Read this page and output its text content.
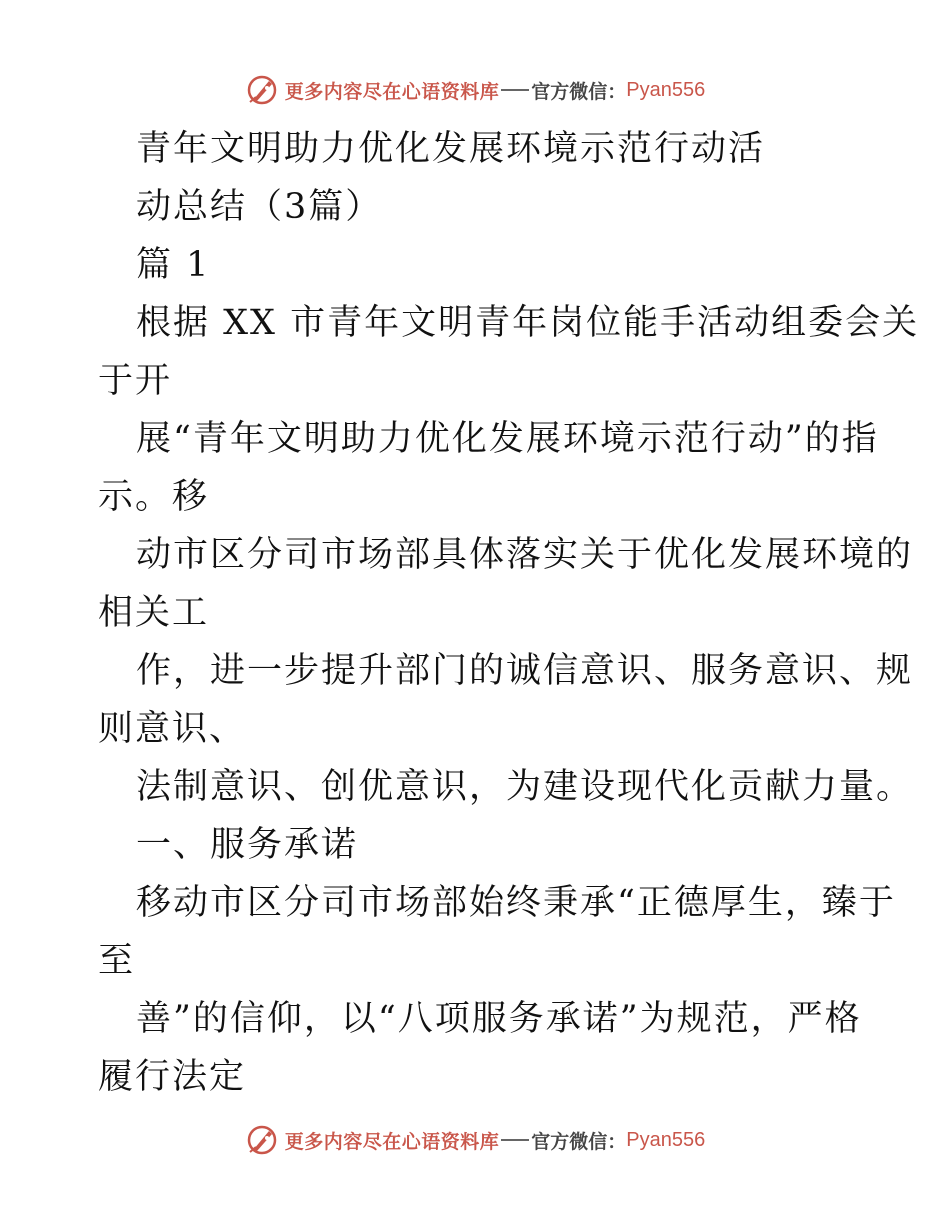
更多内容尽在心语资料库 官方微信： Pyan556
青年文明助力优化发展环境示范行动活
动总结（3篇）
篇 1
根据 XX 市青年文明青年岗位能手活动组委会关
于开
展“青年文明助力优化发展环境示范行动”的指
示。移
动市区分司市场部具体落实关于优化发展环境的
相关工
作，进一步提升部门的诚信意识、服务意识、规
则意识、
法制意识、创优意识，为建设现代化贡献力量。
一、服务承诺
移动市区分司市场部始终秉承“正德厚生，臻于
至
善”的信仰，以“八项服务承诺”为规范，严格
履行法定
更多内容尽在心语资料库 官方微信： Pyan556
